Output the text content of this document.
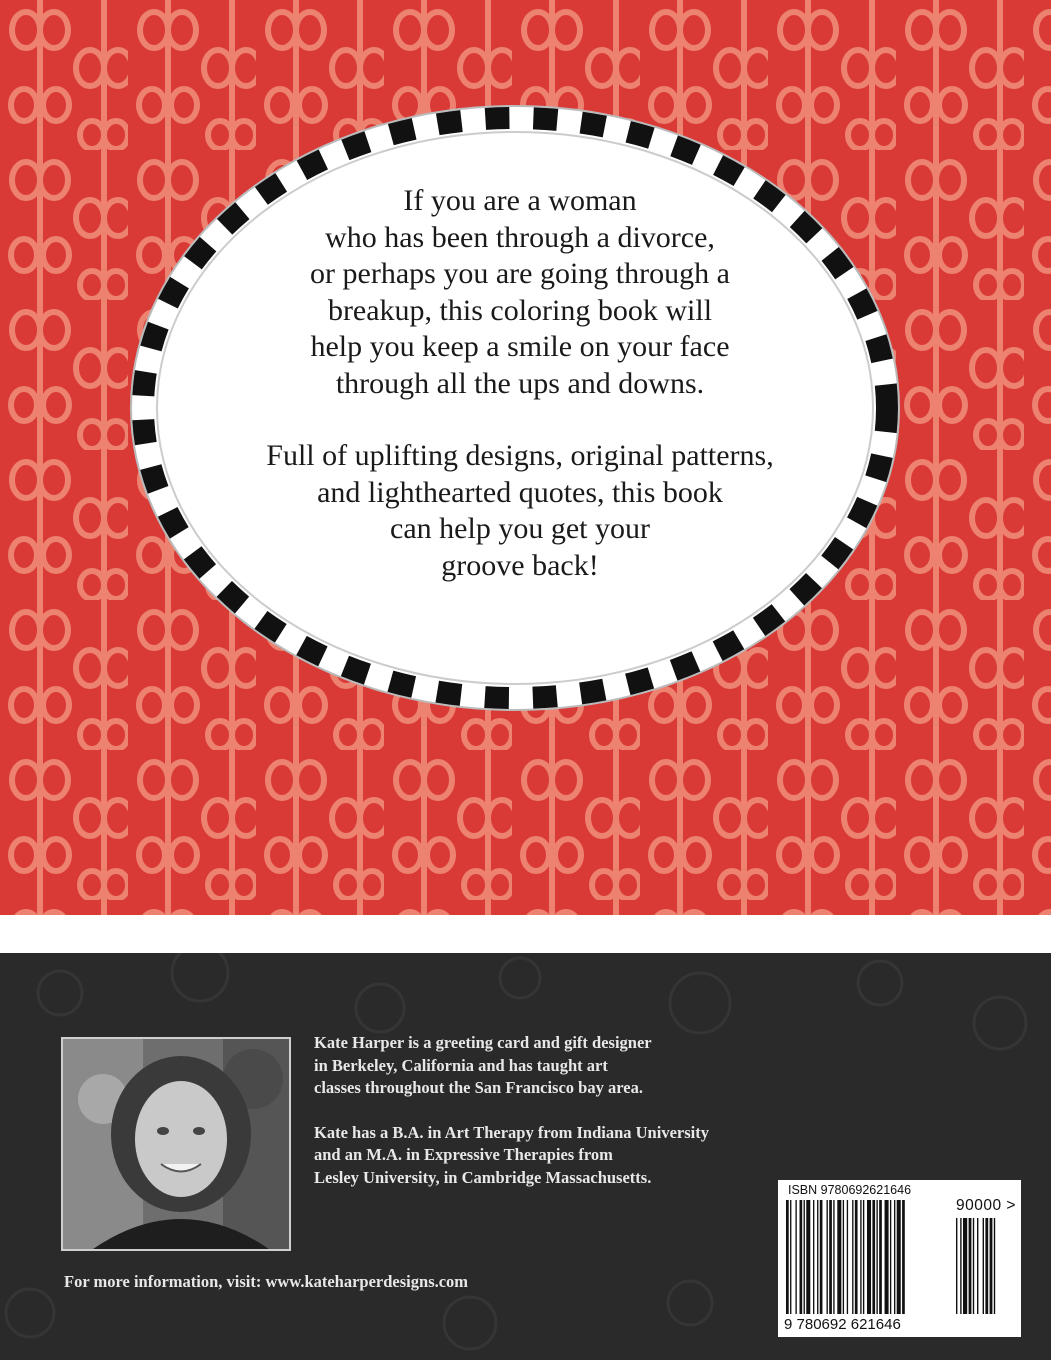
If you are a woman
who has been through a divorce,
or perhaps you are going through a
breakup, this coloring book will
help you keep a smile on your face
through all the ups and downs.

Full of uplifting designs, original patterns,
and lighthearted quotes, this book
can help you get your
groove back!

Kate Harper is a greeting card and gift designer
in Berkeley, California and has taught art
classes throughout the San Francisco bay area.

Kate has a B.A. in Art Therapy from Indiana University
and an M.A. in Expressive Therapies from
Lesley University, in Cambridge Massachusetts.

For more information, visit: www.kateharperdesigns.com
ISBN 9780692621646
90000 >
9 780692 621646
